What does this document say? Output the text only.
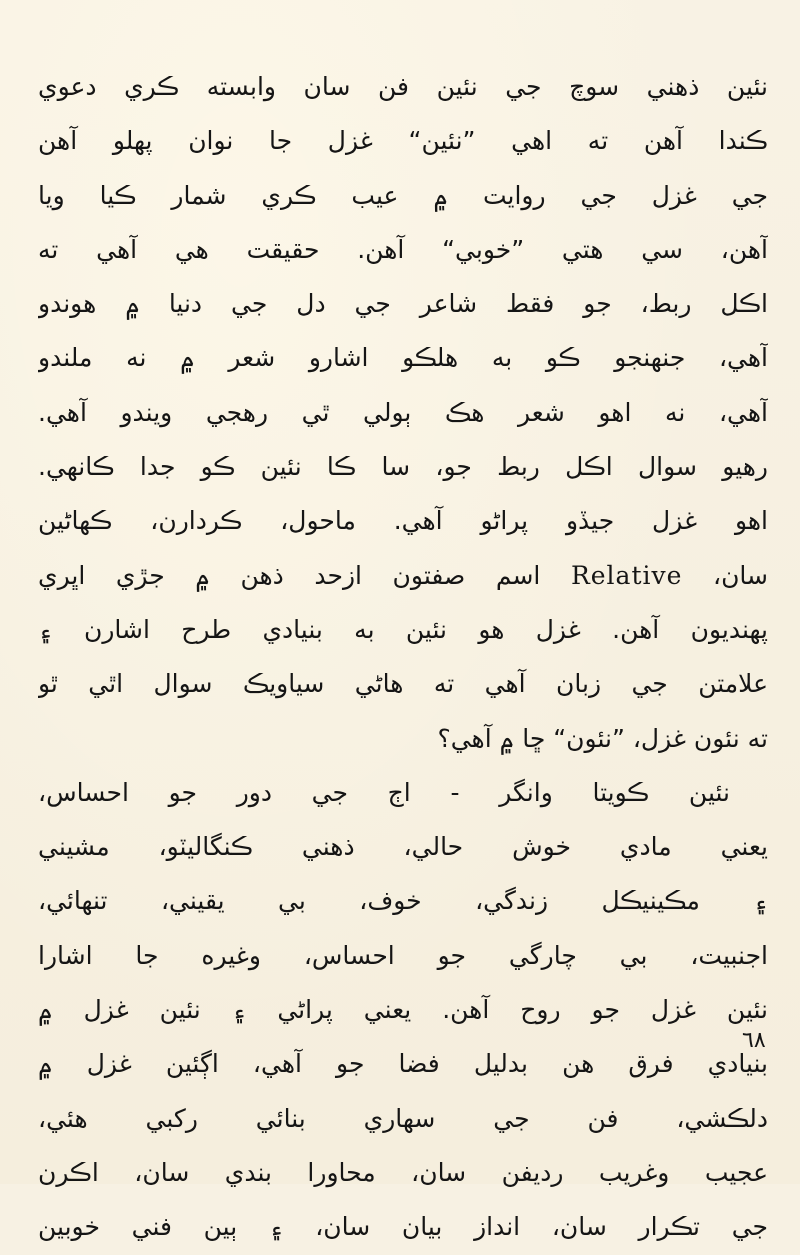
نئين ذهني سوچ جي نئين فن سان وابسته ڪري دعوي
ڪندا آهن ته اهي ”نئين“ غزل جا نوان پهلو آهن
جي غزل جي روايت ۾ عيب ڪري شمار ڪيا ويا
آهن، سي هتي ”خوبي“ آهن. حقيقت هي آهي ته
اڪل ربط، جو فقط شاعر جي دل جي دنيا ۾ هوندو
آهي، جنهنجو ڪو به هلڪو اشارو شعر ۾ نه ملندو
آهي، نه اهو شعر هڪ ٻولي ٿي رهجي ويندو آهي.
رهيو سوال اڪل ربط جو، سا ڪا نئين ڪو جدا ڪانهي.
اهو غزل جيڏو پراڻو آهي. ماحول، ڪردارن، ڪهاڻين
سان، Relative اسم صفتون ازحد ذهن ۾ جڙي اڀري
پهنديون آهن. غزل هو نئين به بنيادي طرح اشارن ۽
علامتن جي زبان آهي ته هاڻي سياويڪ سوال اٿي ٿو
ته نئون غزل، ”نئون“ ڇا ۾ آهي؟
نئين ڪويتا وانگر - اڄ جي دور جو احساس،
يعني مادي خوش حالي، ذهني ڪنگاليٽو، مشيني
۽ مڪينيڪل زندگي، خوف، بي يقيني، تنهائي،
اجنبيت، بي چارگي جو احساس، وغيره جا اشارا
نئين غزل جو روح آهن. يعني پراڻي ۽ نئين غزل ۾
بنيادي فرق هن بدليل فضا جو آهي، اڳئين غزل ۾
دلڪشي، فن جي سهاري بنائي رکبي هئي،
عجيب وغريب رديفن سان، محاورا بندي سان، اڪرن
جي تڪرار سان، انداز بيان سان، ۽ ٻين فني خوبين
٦٨
